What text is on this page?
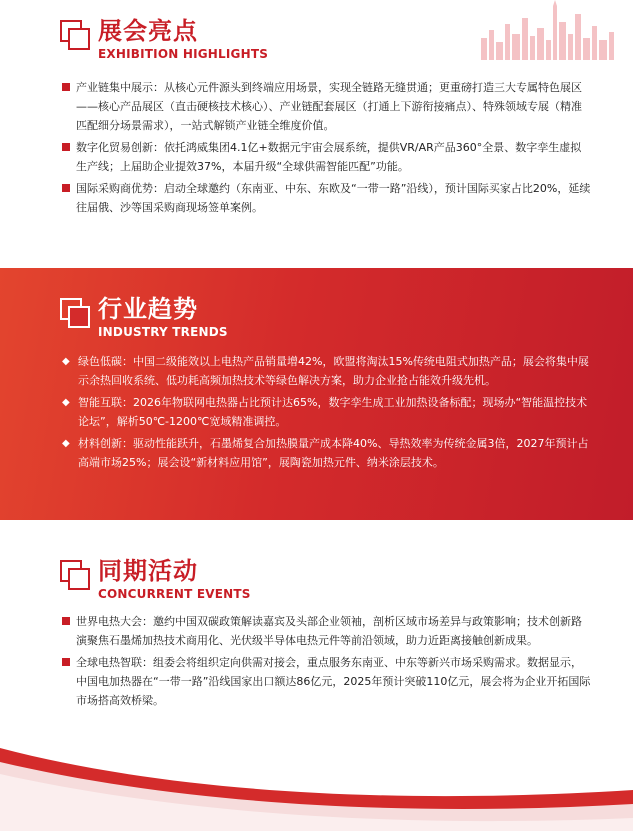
展会亮点
EXHIBITION HIGHLIGHTS
产业链集中展示：从核心元件源头到终端应用场景，实现全链路无缝贯通；更重磅打造三大专属特色展区——核心产品展区（直击硬核技术核心）、产业链配套展区（打通上下游衔接痛点）、特殊领域专展（精准匹配细分场景需求），一站式解锁产业链全维度价值。
数字化贸易创新：依托鸿威集团4.1亿+数据元宇宙会展系统，提供VR/AR产品360°全景、数字孪生虚拟生产线；上届助企业提效37%，本届升级“全球供需智能匹配”功能。
国际采购商优势：启动全球邀约（东南亚、中东、东欧及“一带一路”沿线），预计国际买家占比20%，延续往届俄、沙等国采购商现场签单案例。
行业趋势
INDUSTRY TRENDS
◆ 绿色低碳：中国二级能效以上电热产品销量增42%，欧盟将淘汰15%传统电阻式加热产品；展会将集中展示余热回收系统、低功耗高频加热技术等绿色解决方案，助力企业抢占能效升级先机。
◆ 智能互联：2026年物联网电热器占比预计达65%，数字孪生成工业加热设备标配；现场办“智能温控技术论坛”，解析50℃-1200℃宽域精准调控。
◆ 材料创新：驱动性能跃升，石墨烯复合加热膜量产成本降40%、导热效率为传统金属3倍，2027年预计占高端市场25%；展会设“新材料应用馆”，展陶瓷加热元件、纳米涂层技术。
同期活动
CONCURRENT EVENTS
世界电热大会：邀约中国双碳政策解读嘉宾及头部企业领袖，剖析区域市场差异与政策影响；技术创新路演聚焦石墨烯加热技术商用化、光伏级半导体电热元件等前沿领域，助力近距离接触创新成果。
全球电热智联：组委会将组织定向供需对接会，重点服务东南亚、中东等新兴市场采购需求。数据显示，中国电加热器在“一带一路”沿线国家出口额达86亿元，2025年预计突破110亿元，展会将为企业开拓国际市场搭高效桥梁。
